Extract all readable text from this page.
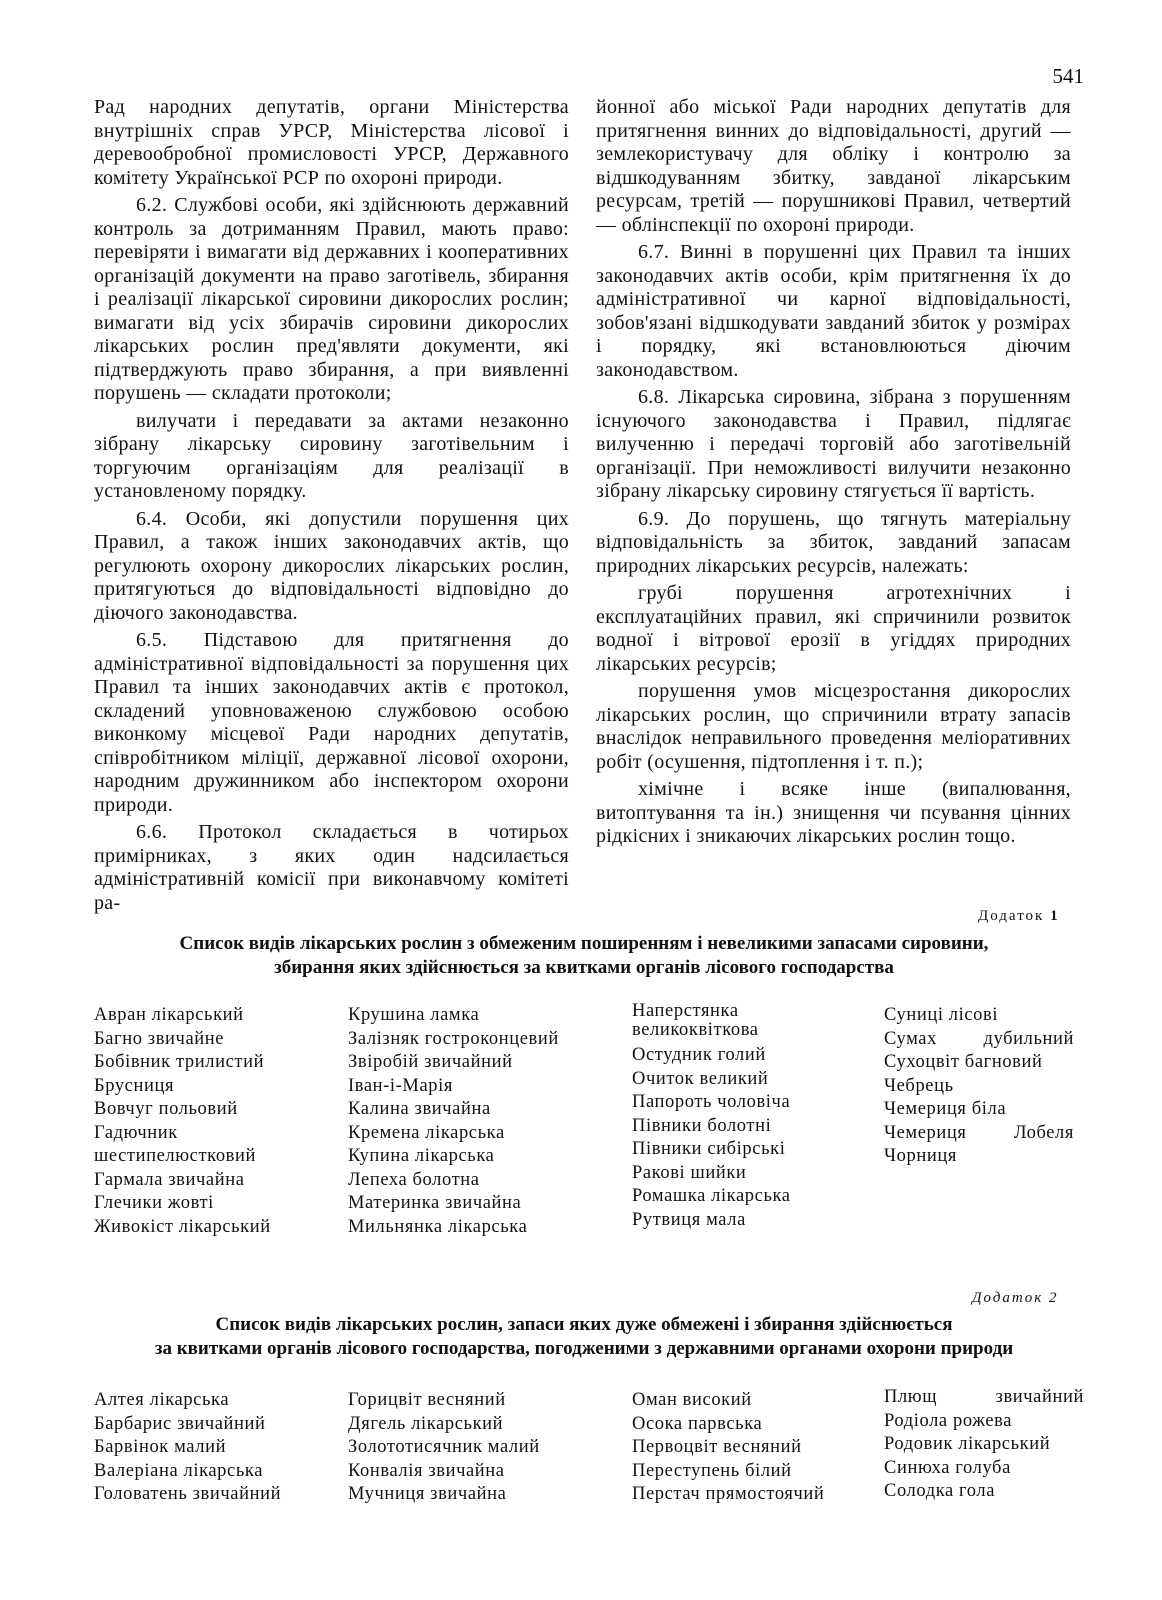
541

Рад народних депутатів, органи Міністерства внутрішніх справ УРСР, Міністерства лісової і деревообробної промисловості УРСР, Державного комітету Української РСР по охороні природи.

6.2. Службові особи, які здійснюють державний контроль за дотриманням Правил, мають право: перевіряти і вимагати від державних і кооперативних організацій документи на право заготівель, збирання і реалізації лікарської сировини дикорослих рослин; вимагати від усіх збирачів сировини дикорослих лікарських рослин пред'являти документи, які підтверджують право збирання, а при виявленні порушень — складати протоколи;

вилучати і передавати за актами незаконно зібрану лікарську сировину заготівельним і торгуючим організаціям для реалізації в установленому порядку.

6.4. Особи, які допустили порушення цих Правил, а також інших законодавчих актів, що регулюють охорону дикорослих лікарських рослин, притягуються до відповідальності відповідно до діючого законодавства.

6.5. Підставою для притягнення до адміністративної відповідальності за порушення цих Правил та інших законодавчих актів є протокол, складений уповноваженою службовою особою виконкому місцевої Ради народних депутатів, співробітником міліції, державної лісової охорони, народним дружинником або інспектором охорони природи.

6.6. Протокол складається в чотирьох примірниках, з яких один надсилається адміністративній комісії при виконавчому комітеті ра-

йонної або міської Ради народних депутатів для притягнення винних до відповідальності, другий — землекористувачу для обліку і контролю за відшкодуванням збитку, завданої лікарським ресурсам, третій — порушникові Правил, четвертий — облінспекції по охороні природи.

6.7. Винні в порушенні цих Правил та інших законодавчих актів особи, крім притягнення їх до адміністративної чи карної відповідальності, зобов'язані відшкодувати завданий збиток у розмірах і порядку, які встановлюються діючим законодавством.

6.8. Лікарська сировина, зібрана з порушенням існуючого законодавства і Правил, підлягає вилученню і передачі торговій або заготівельній організації. При неможливості вилучити незаконно зібрану лікарську сировину стягується її вартість.

6.9. До порушень, що тягнуть матеріальну відповідальність за збиток, завданий запасам природних лікарських ресурсів, належать:

грубі порушення агротехнічних і експлуатаційних правил, які спричинили розвиток водної і вітрової ерозії в угіддях природних лікарських ресурсів;

порушення умов місцезростання дикорослих лікарських рослин, що спричинили втрату запасів внаслідок неправильного проведення меліоративних робіт (осушення, підтоплення і т. п.);

хімічне і всяке інше (випалювання, витоптування та ін.) знищення чи псування цінних рідкісних і зникаючих лікарських рослин тощо.

Додаток 1
Список видів лікарських рослин з обмеженим поширенням і невеликими запасами сировини,
збирання яких здійснюється за квитками органів лісового господарства
Авран лікарський
Багно звичайне
Бобівник трилистий
Брусниця
Вовчуг польовий
Гадючник
шестипелюстковий
Гармала звичайна
Глечики жовті
Живокіст лікарський
Крушина ламка
Залізняк гостроконцевий
Звіробій звичайний
Іван-і-Марія
Калина звичайна
Кремена лікарська
Купина лікарська
Лепеха болотна
Материнка звичайна
Мильнянка лікарська
Наперстянка великоквіткова
Остудник голий
Очиток великий
Папороть чоловіча
Півники болотні
Півники сибірські
Ракові шийки
Ромашка лікарська
Рутвиця мала
Суниці лісові
Сумах дубильний
Сухоцвіт багновий
Чебрець
Чемериця біла
Чемериця Лобеля
Чорниця
Додаток 2
Список видів лікарських рослин, запаси яких дуже обмежені і збирання здійснюється
за квитками органів лісового господарства, погодженими з державними органами охорони природи
Алтея лікарська
Барбарис звичайний
Барвінок малий
Валеріана лікарська
Головатень звичайний
Горицвіт весняний
Дягель лікарський
Золототисячник малий
Конвалія звичайна
Мучниця звичайна
Оман високий
Осока парвська
Первоцвіт весняний
Переступень білий
Перстач прямостоячий
Плющ звичайний
Родіола рожева
Родовик лікарський
Синюха голуба
Солодка гола
